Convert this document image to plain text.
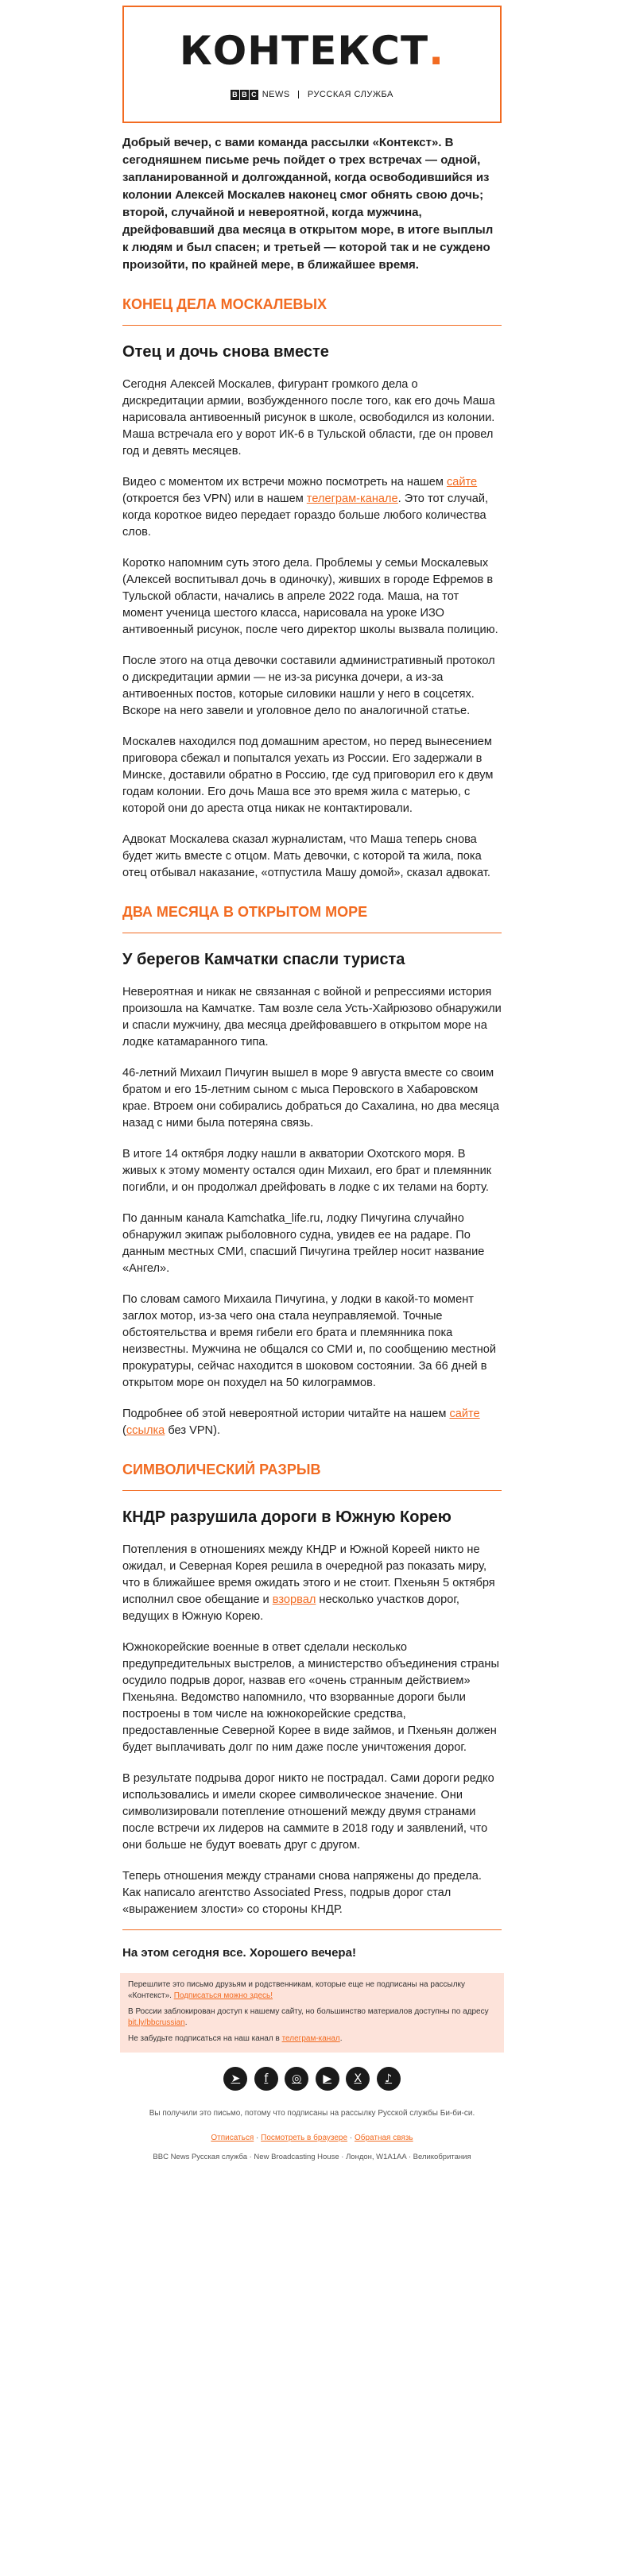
КОНТЕКСТ.
B B C NEWS РУССКАЯ СЛУЖБА

Добрый вечер, с вами команда рассылки «Контекст». В сегодняшнем письме речь пойдет о трех встречах — одной, запланированной и долгожданной, когда освободившийся из колонии Алексей Москалев наконец смог обнять свою дочь; второй, случайной и невероятной, когда мужчина, дрейфовавший два месяца в открытом море, в итоге выплыл к людям и был спасен; и третьей — которой так и не суждено произойти, по крайней мере, в ближайшее время.

КОНЕЦ ДЕЛА МОСКАЛЕВЫХ
Отец и дочь снова вместе

Сегодня Алексей Москалев, фигурант громкого дела о дискредитации армии, возбужденного после того, как его дочь Маша нарисовала антивоенный рисунок в школе, освободился из колонии. Маша встречала его у ворот ИК-6 в Тульской области, где он провел год и девять месяцев.

Видео с моментом их встречи можно посмотреть на нашем сайте (откроется без VPN) или в нашем телеграм-канале. Это тот случай, когда короткое видео передает гораздо больше любого количества слов.

Коротко напомним суть этого дела. Проблемы у семьи Москалевых (Алексей воспитывал дочь в одиночку), живших в городе Ефремов в Тульской области, начались в апреле 2022 года. Маша, на тот момент ученица шестого класса, нарисовала на уроке ИЗО антивоенный рисунок, после чего директор школы вызвала полицию.

После этого на отца девочки составили административный протокол о дискредитации армии — не из-за рисунка дочери, а из-за антивоенных постов, которые силовики нашли у него в соцсетях. Вскоре на него завели и уголовное дело по аналогичной статье.

Москалев находился под домашним арестом, но перед вынесением приговора сбежал и попытался уехать из России. Его задержали в Минске, доставили обратно в Россию, где суд приговорил его к двум годам колонии. Его дочь Маша все это время жила с матерью, с которой они до ареста отца никак не контактировали.

Адвокат Москалева сказал журналистам, что Маша теперь снова будет жить вместе с отцом. Мать девочки, с которой та жила, пока отец отбывал наказание, «отпустила Машу домой», сказал адвокат.

ДВА МЕСЯЦА В ОТКРЫТОМ МОРЕ
У берегов Камчатки спасли туриста

Невероятная и никак не связанная с войной и репрессиями история произошла на Камчатке. Там возле села Усть-Хайрюзово обнаружили и спасли мужчину, два месяца дрейфовавшего в открытом море на лодке катамаранного типа.

46-летний Михаил Пичугин вышел в море 9 августа вместе со своим братом и его 15-летним сыном с мыса Перовского в Хабаровском крае. Втроем они собирались добраться до Сахалина, но два месяца назад с ними была потеряна связь.

В итоге 14 октября лодку нашли в акватории Охотского моря. В живых к этому моменту остался один Михаил, его брат и племянник погибли, и он продолжал дрейфовать в лодке с их телами на борту.

По данным канала Kamchatka_life.ru, лодку Пичугина случайно обнаружил экипаж рыболовного судна, увидев ее на радаре. По данным местных СМИ, спасший Пичугина трейлер носит название «Ангел».

По словам самого Михаила Пичугина, у лодки в какой-то момент заглох мотор, из-за чего она стала неуправляемой. Точные обстоятельства и время гибели его брата и племянника пока неизвестны. Мужчина не общался со СМИ и, по сообщению местной прокуратуры, сейчас находится в шоковом состоянии. За 66 дней в открытом море он похудел на 50 килограммов.

Подробнее об этой невероятной истории читайте на нашем сайте (ссылка без VPN).

СИМВОЛИЧЕСКИЙ РАЗРЫВ
КНДР разрушила дороги в Южную Корею

Потепления в отношениях между КНДР и Южной Кореей никто не ожидал, и Северная Корея решила в очередной раз показать миру, что в ближайшее время ожидать этого и не стоит. Пхеньян 5 октября исполнил свое обещание и взорвал несколько участков дорог, ведущих в Южную Корею.

Южнокорейские военные в ответ сделали несколько предупредительных выстрелов, а министерство объединения страны осудило подрыв дорог, назвав его «очень странным действием» Пхеньяна. Ведомство напомнило, что взорванные дороги были построены в том числе на южнокорейские средства, предоставленные Северной Корее в виде займов, и Пхеньян должен будет выплачивать долг по ним даже после уничтожения дорог.

В результате подрыва дорог никто не пострадал. Сами дороги редко использовались и имели скорее символическое значение. Они символизировали потепление отношений между двумя странами после встречи их лидеров на саммите в 2018 году и заявлений, что они больше не будут воевать друг с другом.

Теперь отношения между странами снова напряжены до предела. Как написало агентство Associated Press, подрыв дорог стал «выражением злости» со стороны КНДР.

На этом сегодня все. Хорошего вечера!

Перешлите это письмо друзьям и родственникам, которые еще не подписаны на рассылку «Контекст». Подписаться можно здесь!

В России заблокирован доступ к нашему сайту, но большинство материалов доступны по адресу bit.ly/bbcrussian.

Не забудьте подписаться на наш канал в телеграм-канал.

➤ f ◎ ▶ X ♪
Вы получили это письмо, потому что подписаны на рассылку Русской службы Би-би-си.
Отписаться · Посмотреть в браузере · Обратная связь
BBC News Русская служба · New Broadcasting House · Лондон, W1A1AA · Великобритания
